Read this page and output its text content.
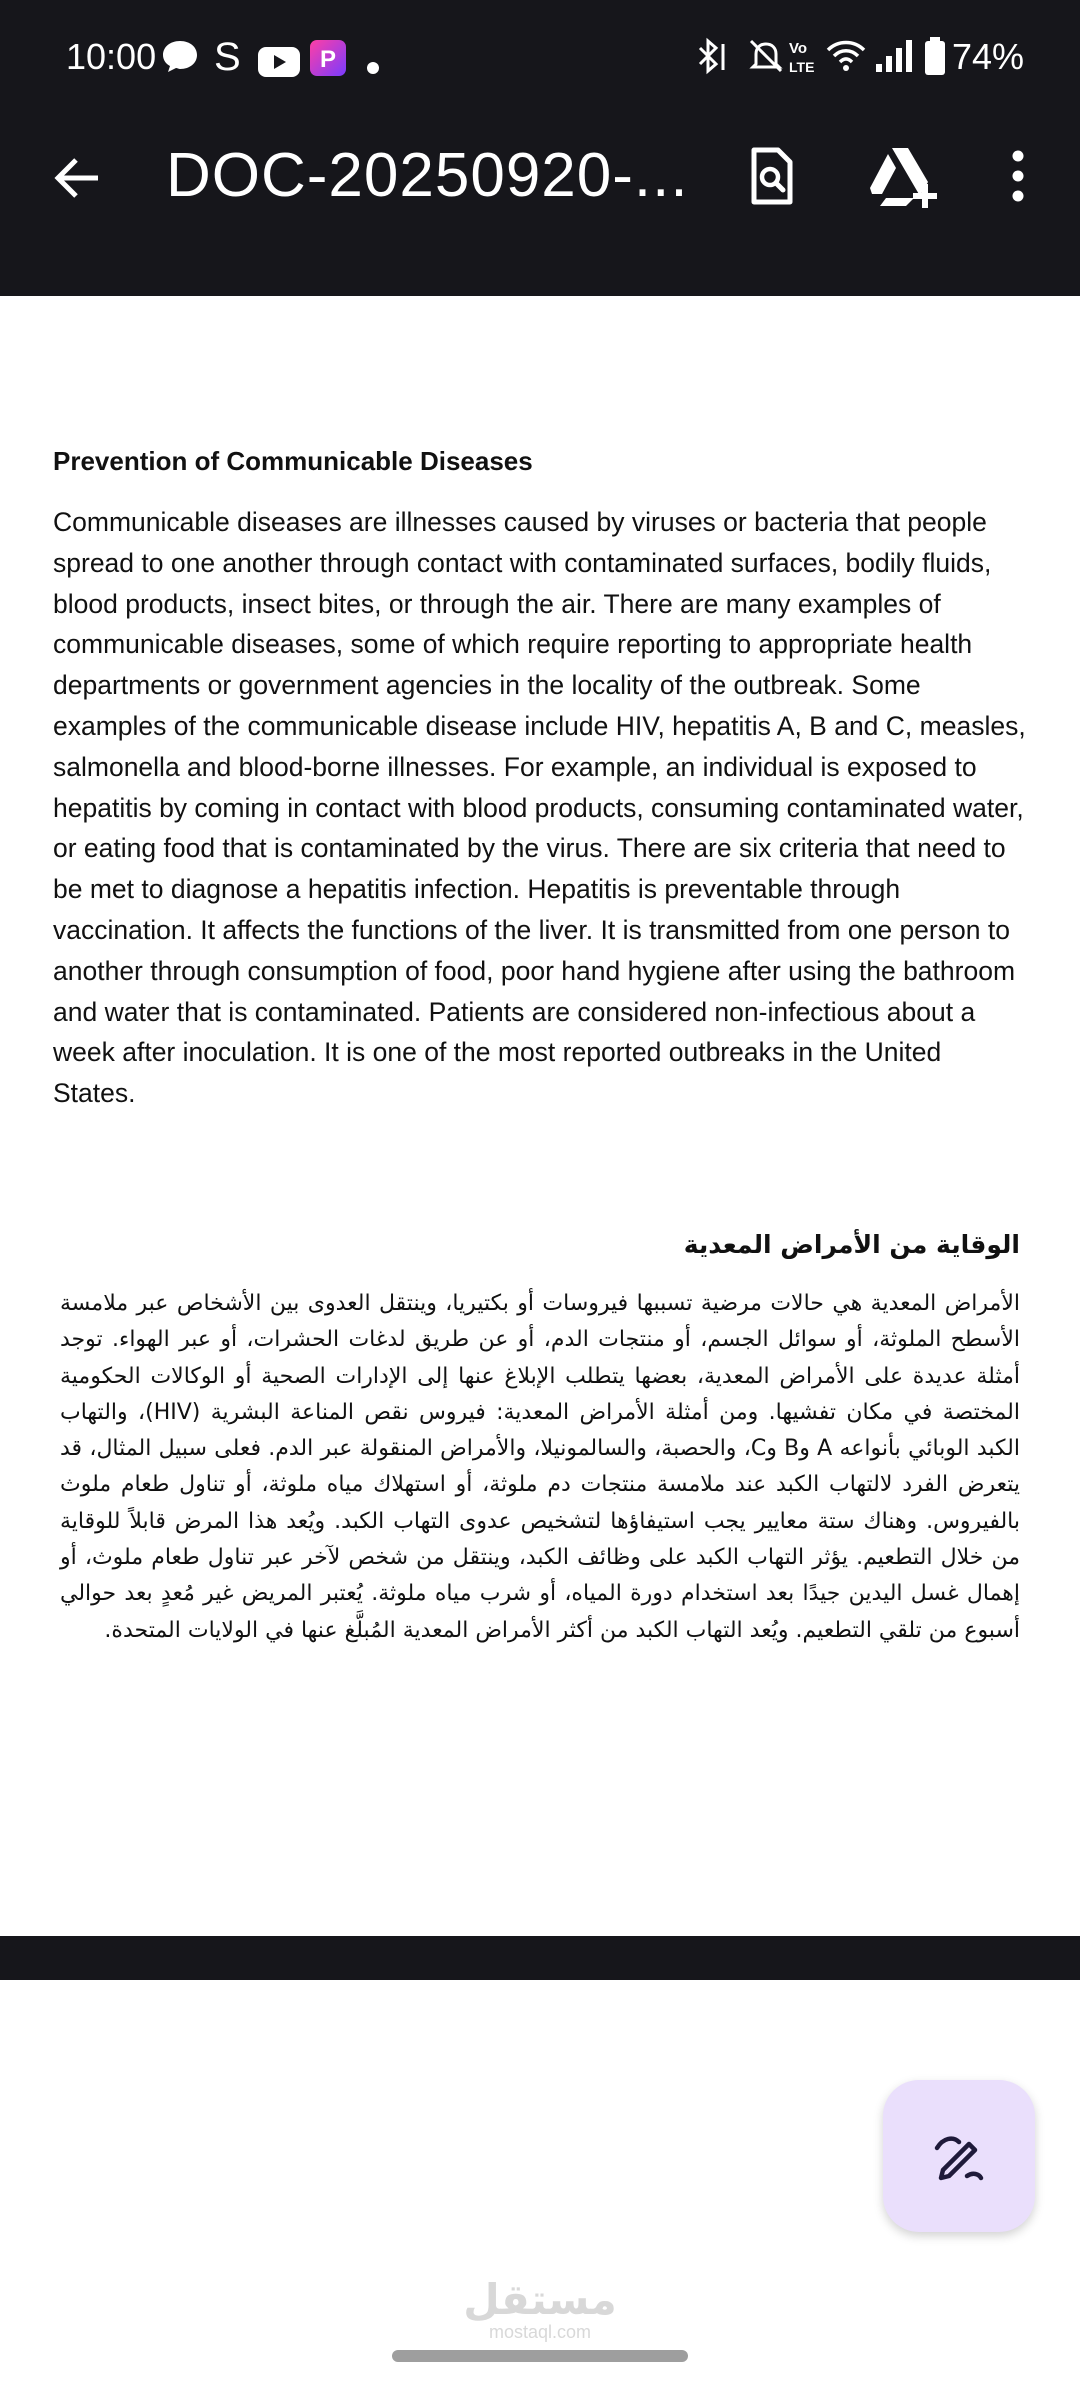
10:00 S	P	Vo
LTE	74%
DOC-20250920-...
Prevention of Communicable Diseases

Communicable diseases are illnesses caused by viruses or bacteria that people spread to one another through contact with contaminated surfaces, bodily fluids, blood products, insect bites, or through the air. There are many examples of communicable diseases, some of which require reporting to appropriate health departments or government agencies in the locality of the outbreak. Some examples of the communicable disease include HIV, hepatitis A, B and C, measles, salmonella and blood-borne illnesses. For example, an individual is exposed to hepatitis by coming in contact with blood products, consuming contaminated water, or eating food that is contaminated by the virus. There are six criteria that need to be met to diagnose a hepatitis infection. Hepatitis is preventable through vaccination. It affects the functions of the liver. It is transmitted from one person to another through consumption of food, poor hand hygiene after using the bathroom and water that is contaminated. Patients are considered non-infectious about a week after inoculation. It is one of the most reported outbreaks in the United States.

الوقاية من الأمراض المعدية

الأمراض المعدية هي حالات مرضية تسببها فيروسات أو بكتيريا، وينتقل العدوى بين الأشخاص عبر ملامسة الأسطح الملوثة، أو سوائل الجسم، أو منتجات الدم، أو عن طريق لدغات الحشرات، أو عبر الهواء. توجد أمثلة عديدة على الأمراض المعدية، بعضها يتطلب الإبلاغ عنها إلى الإدارات الصحية أو الوكالات الحكومية المختصة في مكان تفشيها. ومن أمثلة الأمراض المعدية: فيروس نقص المناعة البشرية (HIV)، والتهاب الكبد الوبائي بأنواعه A وB وC، والحصبة، والسالمونيلا، والأمراض المنقولة عبر الدم. فعلى سبيل المثال، قد يتعرض الفرد لالتهاب الكبد عند ملامسة منتجات دم ملوثة، أو استهلاك مياه ملوثة، أو تناول طعام ملوث بالفيروس. وهناك ستة معايير يجب استيفاؤها لتشخيص عدوى التهاب الكبد. ويُعد هذا المرض قابلاً للوقاية من خلال التطعيم. يؤثر التهاب الكبد على وظائف الكبد، وينتقل من شخص لآخر عبر تناول طعام ملوث، أو إهمال غسل اليدين جيدًا بعد استخدام دورة المياه، أو شرب مياه ملوثة. يُعتبر المريض غير مُعدٍ بعد حوالي أسبوع من تلقي التطعيم. ويُعد التهاب الكبد من أكثر الأمراض المعدية المُبلَّغ عنها في الولايات المتحدة.

مستقل
mostaql.com
